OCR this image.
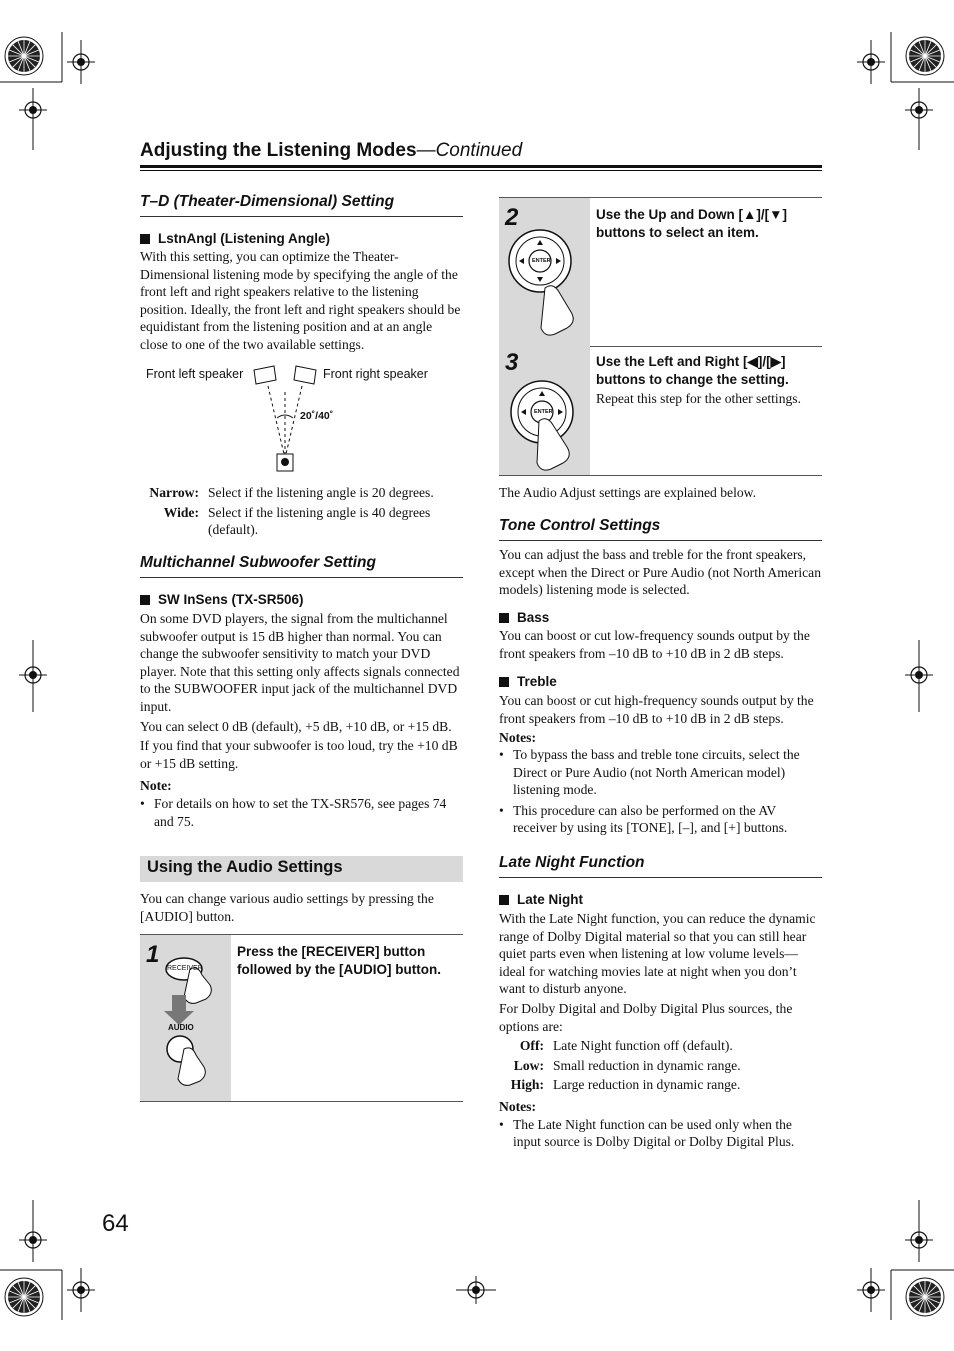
Adjusting the Listening Modes—Continued
T–D (Theater-Dimensional) Setting
LstnAngl (Listening Angle)
With this setting, you can optimize the Theater-Dimensional listening mode by specifying the angle of the front left and right speakers relative to the listening position. Ideally, the front left and right speakers should be equidistant from the listening position and at an angle close to one of the two available settings.
Front left speaker	Front right speaker
20˚/40˚
Narrow: Select if the listening angle is 20 degrees.
Wide: Select if the listening angle is 40 degrees (default).
Multichannel Subwoofer Setting
SW InSens (TX-SR506)

On some DVD players, the signal from the multichannel subwoofer output is 15 dB higher than normal. You can change the subwoofer sensitivity to match your DVD player. Note that this setting only affects signals connected to the SUBWOOFER input jack of the multichannel DVD input.

You can select 0 dB (default), +5 dB, +10 dB, or +15 dB.

If you find that your subwoofer is too loud, try the +10 dB or +15 dB setting.

Note:
• For details on how to set the TX-SR576, see pages 74 and 75.
Using the Audio Settings
You can change various audio settings by pressing the [AUDIO] button.
1
RECEIVER
AUDIO
Press the [RECEIVER] button followed by the [AUDIO] button.
2
ENTER
Use the Up and Down [▲]/[▼] buttons to select an item.
3
ENTER
Use the Left and Right [◀]/[▶] buttons to change the setting.
Repeat this step for the other settings.
The Audio Adjust settings are explained below.
Tone Control Settings
You can adjust the bass and treble for the front speakers, except when the Direct or Pure Audio (not North American models) listening mode is selected.
Bass
You can boost or cut low-frequency sounds output by the front speakers from –10 dB to +10 dB in 2 dB steps.
Treble
You can boost or cut high-frequency sounds output by the front speakers from –10 dB to +10 dB in 2 dB steps.
Notes:
• To bypass the bass and treble tone circuits, select the Direct or Pure Audio (not North American model) listening mode.
• This procedure can also be performed on the AV receiver by using its [TONE], [–], and [+] buttons.
Late Night Function
Late Night

With the Late Night function, you can reduce the dynamic range of Dolby Digital material so that you can still hear quiet parts even when listening at low volume levels—ideal for watching movies late at night when you don’t want to disturb anyone.

For Dolby Digital and Dolby Digital Plus sources, the options are:

Off: Late Night function off (default).
Low: Small reduction in dynamic range.
High: Large reduction in dynamic range.
Notes:
• The Late Night function can be used only when the input source is Dolby Digital or Dolby Digital Plus.
64
